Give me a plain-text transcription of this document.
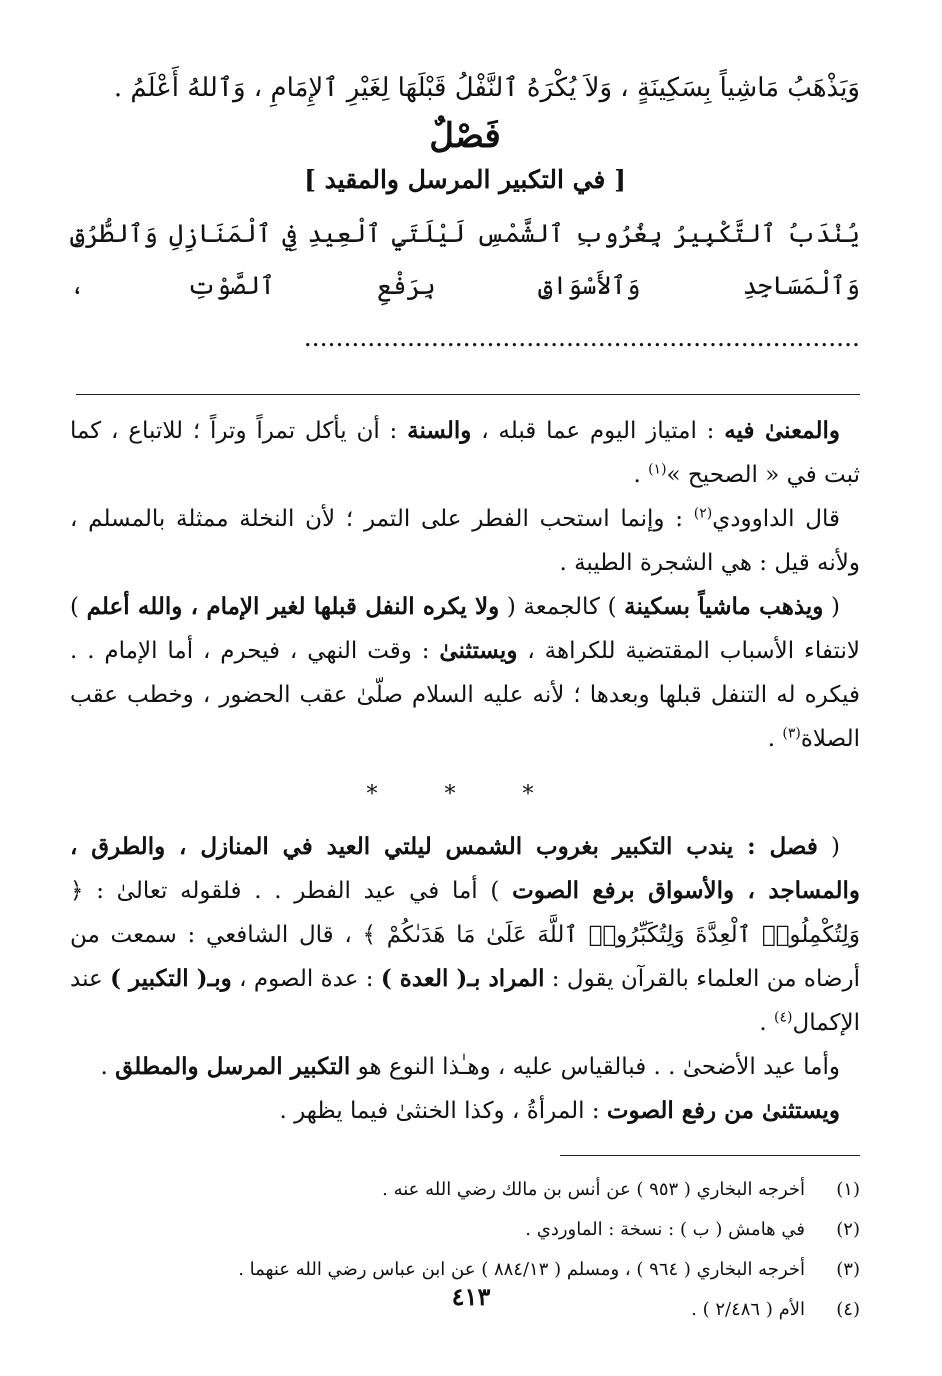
وَيَذْهَبُ مَاشِياً بِسَكِينَةٍ ، وَلاَ يُكْرَهُ ٱلنَّفْلُ قَبْلَهَا لِغَيْرِ ٱلإِمَامِ ، وَٱللهُ أَعْلَمُ .

فَصْلٌ

[ في التكبير المرسل والمقيد ]

يُنْدَبُ ٱلتَّكْبِيرُ بِغُرُوبِ ٱلشَّمْسِ لَيْلَتَيِ ٱلْعِيدِ فِي ٱلْمَنَازِلِ وَٱلطُّرُقِ وَٱلْمَسَاجِدِ وَٱلأَسْوَاقِ بِرَفْعِ ٱلصَّوْتِ ، ......................................................................

والمعنىٰ فيه : امتياز اليوم عما قبله ، والسنة : أن يأكل تمراً وتراً ؛ للاتباع ، كما ثبت في « الصحيح »$^{(١)}$ .

قال الداوودي$^{(٢)}$ : وإنما استحب الفطر على التمر ؛ لأن النخلة ممثلة بالمسلم ، ولأنه قيل : هي الشجرة الطيبة .

( ويذهب ماشياً بسكينة ) كالجمعة ( ولا يكره النفل قبلها لغير الإمام ، والله أعلم ) لانتفاء الأسباب المقتضية للكراهة ، ويستثنىٰ : وقت النهي ، فيحرم ، أما الإمام . . فيكره له التنفل قبلها وبعدها ؛ لأنه عليه السلام صلّىٰ عقب الحضور ، وخطب عقب الصلاة$^{(٣)}$ .

* * *

( فصل : يندب التكبير بغروب الشمس ليلتي العيد في المنازل ، والطرق ، والمساجد ، والأسواق برفع الصوت ) أما في عيد الفطر . . فلقوله تعالىٰ : ﴿ وَلِتُكْمِلُوا۟ ٱلْعِدَّةَ وَلِتُكَبِّرُوا۟ ٱللَّهَ عَلَىٰ مَا هَدَىٰكُمْ ﴾ ، قال الشافعي : سمعت من أرضاه من العلماء بالقرآن يقول : المراد بـ( العدة ) : عدة الصوم ، وبـ( التكبير ) عند الإكمال$^{(٤)}$ .

وأما عيد الأضحىٰ . . فبالقياس عليه ، وهـٰذا النوع هو التكبير المرسل والمطلق .

ويستثنىٰ من رفع الصوت : المرأةُ ، وكذا الخنثىٰ فيما يظهر .

(١)
أخرجه البخاري ( ٩٥٣ ) عن أنس بن مالك رضي الله عنه .
(٢)
في هامش ( ب ) : نسخة : الماوردي .
(٣)
أخرجه البخاري ( ٩٦٤ ) ، ومسلم ( ٨٨٤/١٣ ) عن ابن عباس رضي الله عنهما .
(٤)
الأم ( ٢/٤٨٦ ) .
٤١٣
